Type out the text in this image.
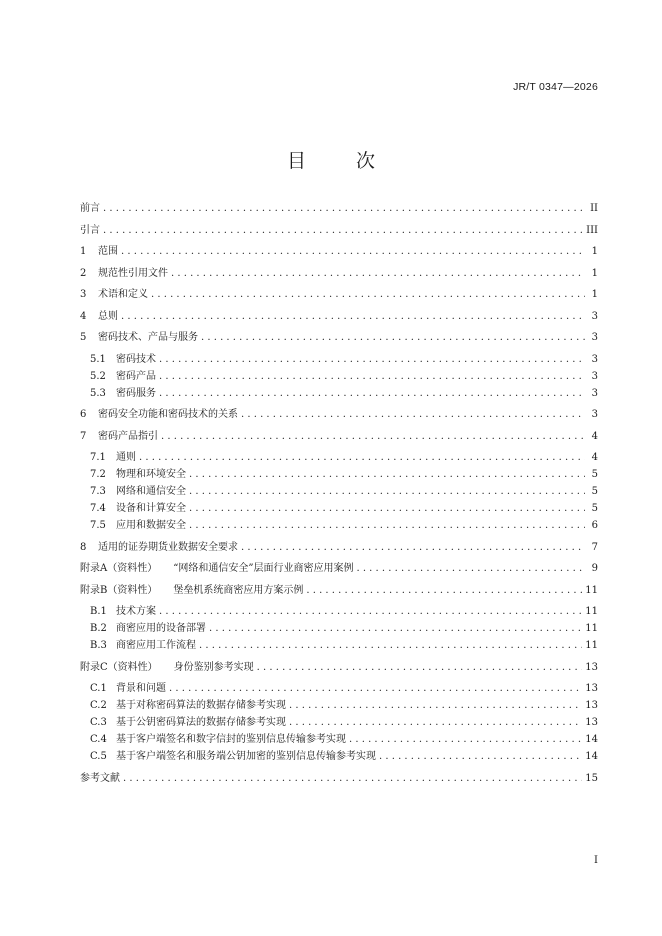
JR/T 0347—2026
目 次
前言 . . .	II
引言 . . .	III
1	范围 . . .	1
2	规范性引用文件 . . .	1
3	术语和定义 . . .	1
4	总则 . . .	3
5	密码技术、产品与服务 . . .	3
5.1	密码技术 . . .	3
5.2	密码产品 . . .	3
5.3	密码服务 . . .	3
6	密码安全功能和密码技术的关系 . . .	3
7	密码产品指引 . . .	4
7.1	通则 . . .	4
7.2	物理和环境安全 . . .	5
7.3	网络和通信安全 . . .	5
7.4	设备和计算安全 . . .	5
7.5	应用和数据安全 . . .	6
8	适用的证券期货业数据安全要求 . . .	7
附录A（资料性） “网络和通信安全”层面行业商密应用案例 . . .	9
附录B（资料性） 堡垒机系统商密应用方案示例 . . .	11
B.1 技术方案 . . .	11
B.2 商密应用的设备部署 . . .	11
B.3 商密应用工作流程 . . .	11
附录C（资料性） 身份鉴别参考实现 . . .	13
C.1 背景和问题 . . .	13
C.2 基于对称密码算法的数据存储参考实现 . . .	13
C.3 基于公钥密码算法的数据存储参考实现 . . .	13
C.4 基于客户端签名和数字信封的鉴别信息传输参考实现 . . .	14
C.5 基于客户端签名和服务端公钥加密的鉴别信息传输参考实现 . . .	14
参考文献 . . .	15
I
